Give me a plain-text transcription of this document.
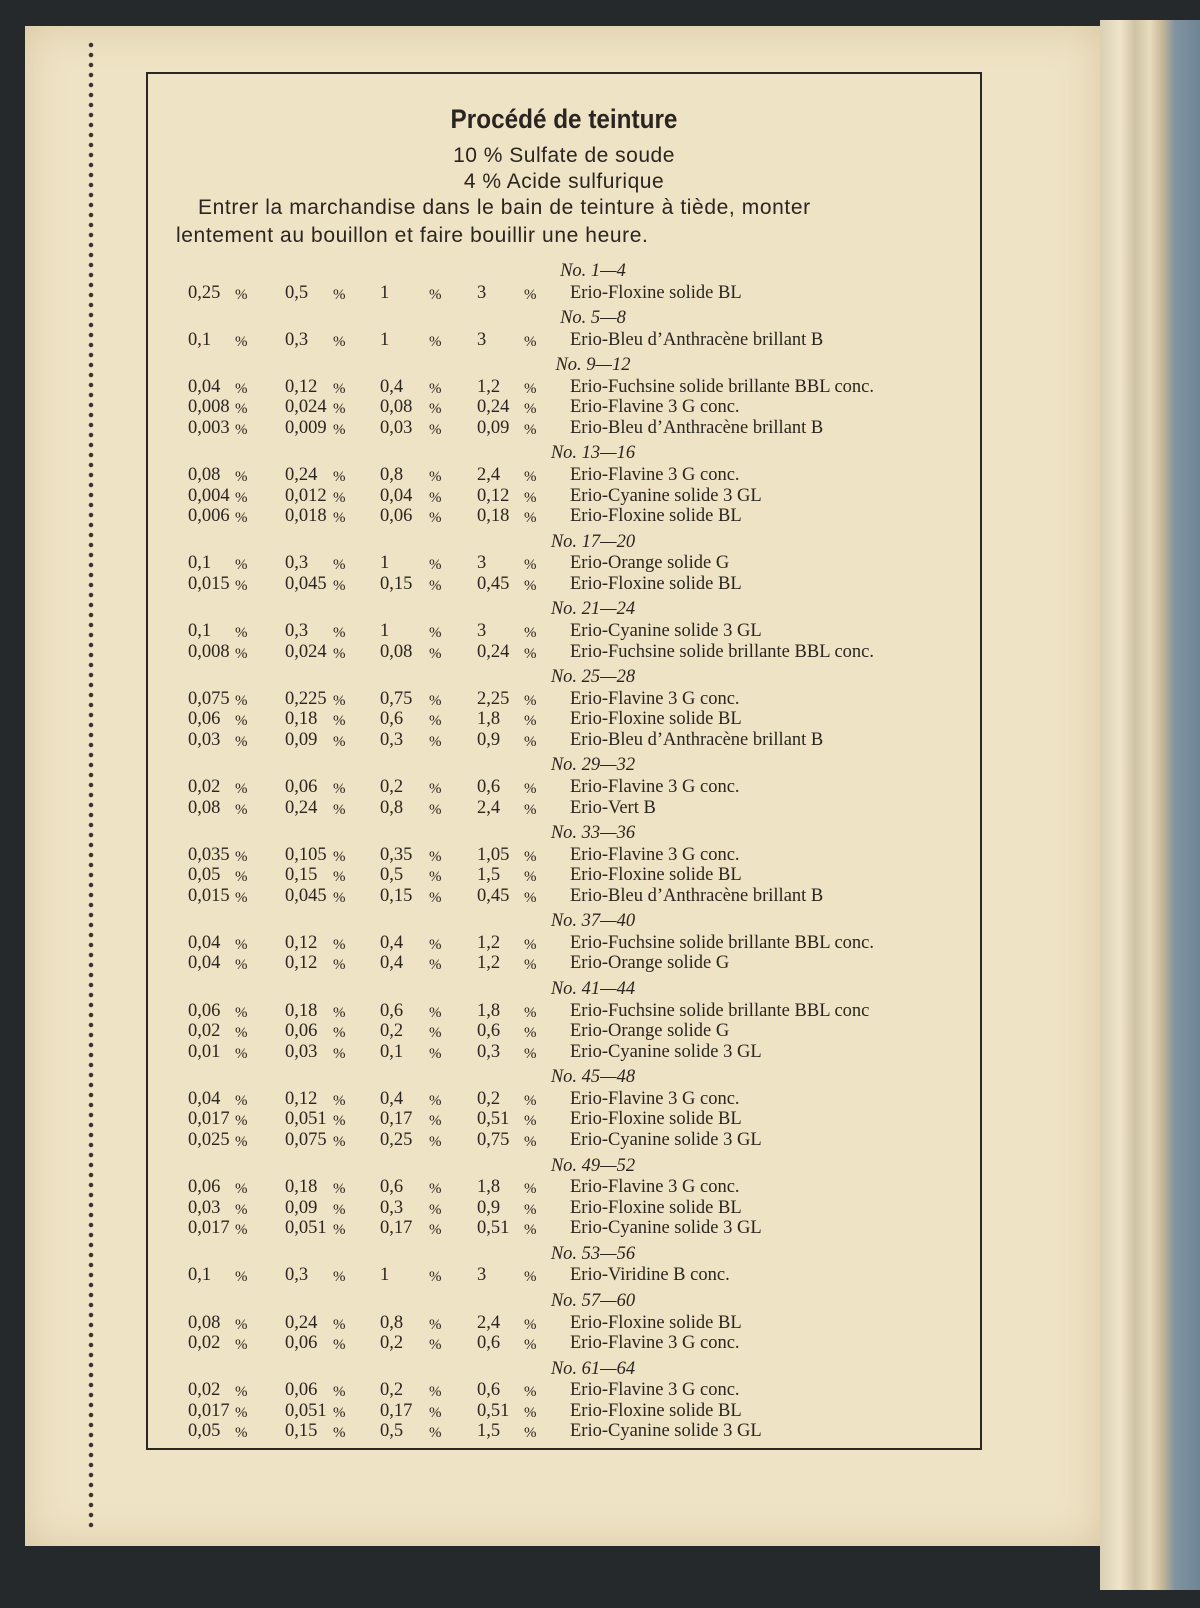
Procédé de teinture
10 % Sulfate de soude
4 % Acide sulfurique
Entrer la marchandise dans le bain de teinture à tiède, monter
lentement au bouillon et faire bouillir une heure.
No. 1—4
0,25 % 0,5 % 1	% 3	% Erio-Floxine solide BL
No. 5—8
0,1 % 0,3 % 1	% 3	% Erio-Bleu d’Anthracène brillant B
No. 9—12
0,04 % 0,12 % 0,4 % 1,2 % Erio-Fuchsine solide brillante BBL conc.
0,008 % 0,024 % 0,08 % 0,24 % Erio-Flavine 3 G conc.
0,003 % 0,009 % 0,03 % 0,09 % Erio-Bleu d’Anthracène brillant B
No. 13—16
0,08 % 0,24 % 0,8 % 2,4 % Erio-Flavine 3 G conc.
0,004 % 0,012 % 0,04 % 0,12 % Erio-Cyanine solide 3 GL
0,006 % 0,018 % 0,06 % 0,18 % Erio-Floxine solide BL
No. 17—20
0,1 % 0,3 % 1	% 3	% Erio-Orange solide G
0,015 % 0,045 % 0,15 % 0,45 % Erio-Floxine solide BL
No. 21—24
0,1 % 0,3 % 1	% 3	% Erio-Cyanine solide 3 GL
0,008 % 0,024 % 0,08 % 0,24 % Erio-Fuchsine solide brillante BBL conc.
No. 25—28
0,075 % 0,225 % 0,75 % 2,25 % Erio-Flavine 3 G conc.
0,06 % 0,18 % 0,6 % 1,8 % Erio-Floxine solide BL
0,03 % 0,09 % 0,3 % 0,9 % Erio-Bleu d’Anthracène brillant B
No. 29—32
0,02 % 0,06 % 0,2 % 0,6 % Erio-Flavine 3 G conc.
0,08 % 0,24 % 0,8 % 2,4 % Erio-Vert B
No. 33—36
0,035 % 0,105 % 0,35 % 1,05 % Erio-Flavine 3 G conc.
0,05 % 0,15 % 0,5 % 1,5 % Erio-Floxine solide BL
0,015 % 0,045 % 0,15 % 0,45 % Erio-Bleu d’Anthracène brillant B
No. 37—40
0,04 % 0,12 % 0,4 % 1,2 % Erio-Fuchsine solide brillante BBL conc.
0,04 % 0,12 % 0,4 % 1,2 % Erio-Orange solide G
No. 41—44
0,06 % 0,18 % 0,6 % 1,8 % Erio-Fuchsine solide brillante BBL conc
0,02 % 0,06 % 0,2 % 0,6 % Erio-Orange solide G
0,01 % 0,03 % 0,1 % 0,3 % Erio-Cyanine solide 3 GL
No. 45—48
0,04 % 0,12 % 0,4 % 0,2 % Erio-Flavine 3 G conc.
0,017 % 0,051 % 0,17 % 0,51 % Erio-Floxine solide BL
0,025 % 0,075 % 0,25 % 0,75 % Erio-Cyanine solide 3 GL
No. 49—52
0,06 % 0,18 % 0,6 % 1,8 % Erio-Flavine 3 G conc.
0,03 % 0,09 % 0,3 % 0,9 % Erio-Floxine solide BL
0,017 % 0,051 % 0,17 % 0,51 % Erio-Cyanine solide 3 GL
No. 53—56
0,1 % 0,3 % 1	% 3	% Erio-Viridine B conc.
No. 57—60
0,08 % 0,24 % 0,8 % 2,4 % Erio-Floxine solide BL
0,02 % 0,06 % 0,2 % 0,6 % Erio-Flavine 3 G conc.
No. 61—64
0,02 % 0,06 % 0,2 % 0,6 % Erio-Flavine 3 G conc.
0,017 % 0,051 % 0,17 % 0,51 % Erio-Floxine solide BL
0,05 % 0,15 % 0,5 % 1,5 % Erio-Cyanine solide 3 GL
